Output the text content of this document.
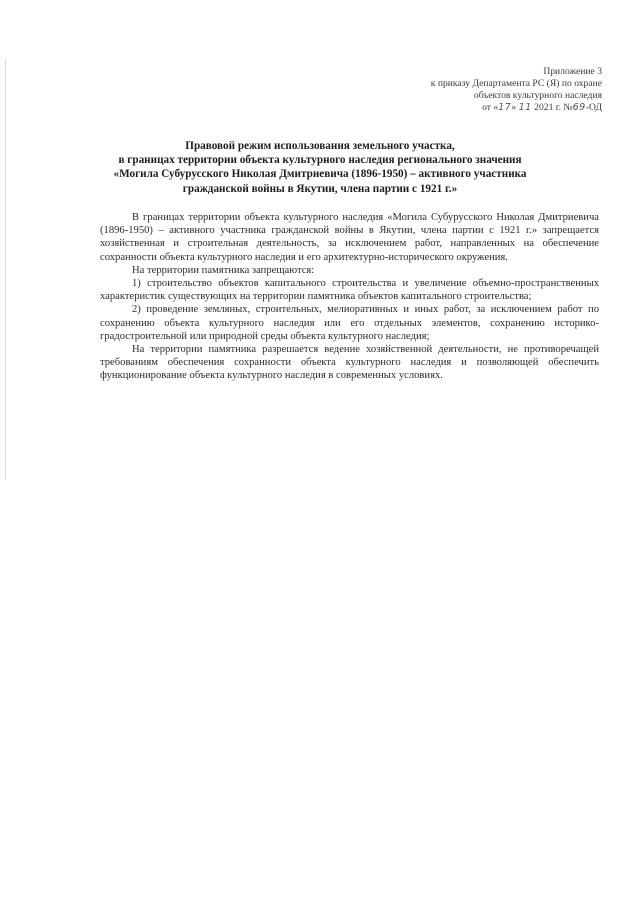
Приложение 3
к приказу Департамента РС (Я) по охране
объектов культурного наследия
от «17» 11 2021 г. №69-ОД
Правовой режим использования земельного участка,
в границах территории объекта культурного наследия регионального значения
«Могила Субурусского Николая Дмитриевича (1896-1950) – активного участника
гражданской войны в Якутии, члена партии с 1921 г.»

В границах территории объекта культурного наследия «Могила Субурусского Николая Дмитриевича (1896-1950) – активного участника гражданской войны в Якутии, члена партии с 1921 г.» запрещается хозяйственная и строительная деятельность, за исключением работ, направленных на обеспечение сохранности объекта культурного наследия и его архитектурно-исторического окружения.

На территории памятника запрещаются:

1) строительство объектов капитального строительства и увеличение объемно-пространственных характеристик существующих на территории памятника объектов капитального строительства;

2) проведение земляных, строительных, мелиоративных и иных работ, за исключением работ по сохранению объекта культурного наследия или его отдельных элементов, сохранению историко-градостроительной или природной среды объекта культурного наследия;

На территории памятника разрешается ведение хозяйственной деятельности, не противоречащей требованиям обеспечения сохранности объекта культурного наследия и позволяющей обеспечить функционирование объекта культурного наследия в современных условиях.
